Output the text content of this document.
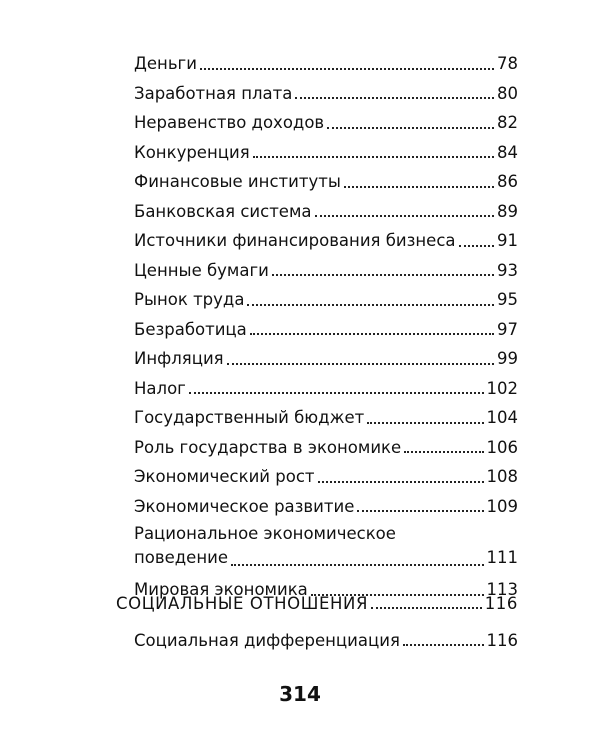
Деньги	78
Заработная плата	80
Неравенство доходов	82
Конкуренция	84
Финансовые институты	86
Банковская система	89
Источники финансирования бизнеса	91
Ценные бумаги	93
Рынок труда	95
Безработица	97
Инфляция	99
Налог	102
Государственный бюджет	104
Роль государства в экономике	106
Экономический рост	108
Экономическое развитие	109
Рациональное экономическое
поведение	111
Мировая экономика	113
СОЦИАЛЬНЫЕ ОТНОШЕНИЯ	116
Социальная дифференциация	116
314
